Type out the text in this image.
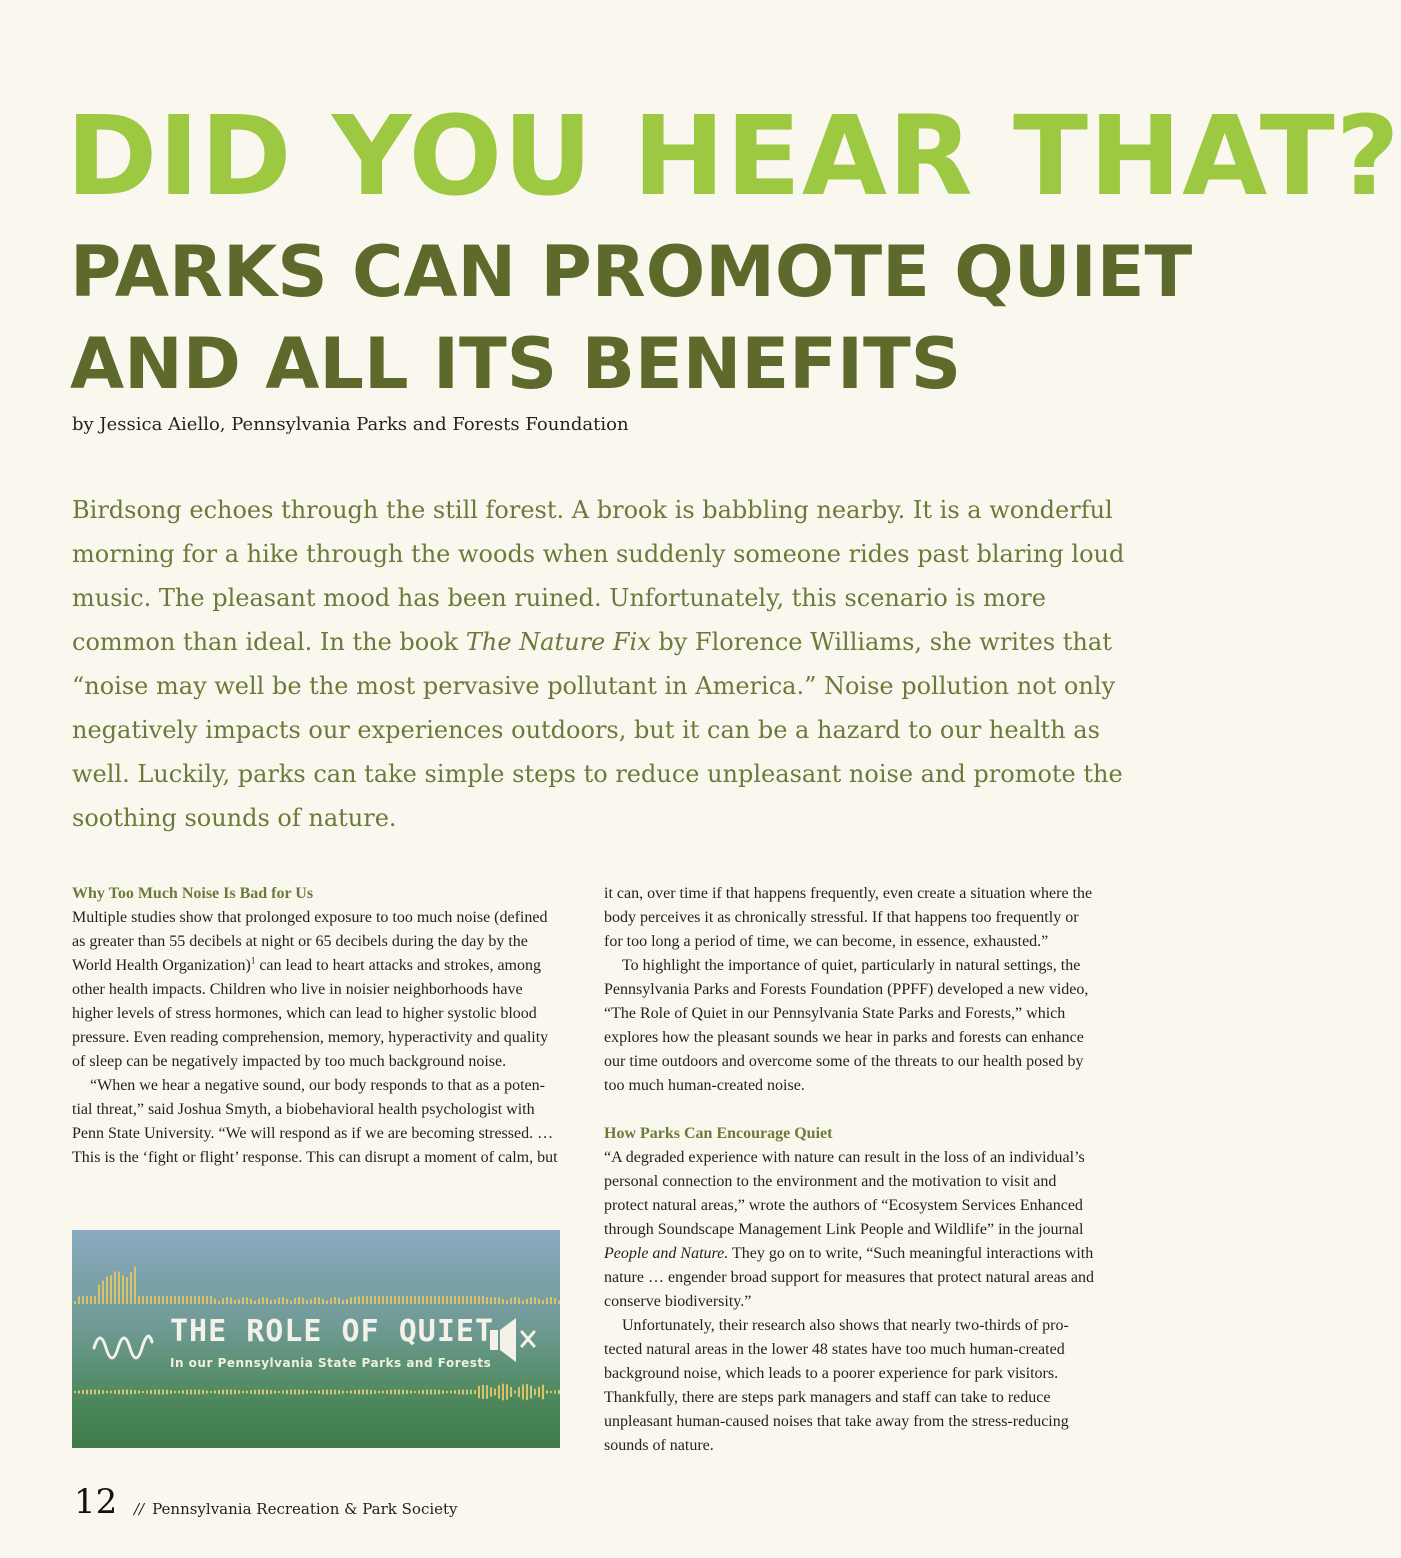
DID YOU HEAR THAT?
PARKS CAN PROMOTE QUIET
AND ALL ITS BENEFITS
by Jessica Aiello, Pennsylvania Parks and Forests Foundation
Birdsong echoes through the still forest. A brook is babbling nearby. It is a wonderful morning for a hike through the woods when suddenly someone rides past blaring loud music. The pleasant mood has been ruined. Unfortunately, this scenario is more common than ideal. In the book The Nature Fix by Florence Williams, she writes that “noise may well be the most pervasive pollutant in America.” Noise pollution not only negatively impacts our experiences outdoors, but it can be a hazard to our health as well. Luckily, parks can take simple steps to reduce unpleasant noise and promote the soothing sounds of nature.
Why Too Much Noise Is Bad for Us

Multiple studies show that prolonged exposure to too much noise (defined as greater than 55 decibels at night or 65 decibels during the day by the World Health Organization)$^1$ can lead to heart attacks and strokes, among other health impacts. Children who live in noisier neighborhoods have higher levels of stress hormones, which can lead to higher systolic blood pressure. Even reading comprehension, memory, hyperactivity and quality of sleep can be negatively impacted by too much background noise.

“When we hear a negative sound, our body responds to that as a potential threat,” said Joshua Smyth, a biobehavioral health psychologist with Penn State University. “We will respond as if we are becoming stressed. … This is the ‘fight or flight’ response. This can disrupt a moment of calm, but

it can, over time if that happens frequently, even create a situation where the body perceives it as chronically stressful. If that happens too frequently or for too long a period of time, we can become, in essence, exhausted.”

To highlight the importance of quiet, particularly in natural settings, the Pennsylvania Parks and Forests Foundation (PPFF) developed a new video, “The Role of Quiet in our Pennsylvania State Parks and Forests,” which explores how the pleasant sounds we hear in parks and forests can enhance our time outdoors and overcome some of the threats to our health posed by too much human-created noise.

How Parks Can Encourage Quiet

“A degraded experience with nature can result in the loss of an individual’s personal connection to the environment and the motivation to visit and protect natural areas,” wrote the authors of “Ecosystem Services Enhanced through Soundscape Management Link People and Wildlife” in the journal People and Nature. They go on to write, “Such meaningful interactions with nature … engender broad support for measures that protect natural areas and conserve biodiversity.”

Unfortunately, their research also shows that nearly two-thirds of protected natural areas in the lower 48 states have too much human-created background noise, which leads to a poorer experience for park visitors. Thankfully, there are steps park managers and staff can take to reduce unpleasant human-caused noises that take away from the stress-reducing sounds of nature.

THE ROLE OF QUIET
In our Pennsylvania State Parks and Forests
12 // Pennsylvania Recreation & Park Society
